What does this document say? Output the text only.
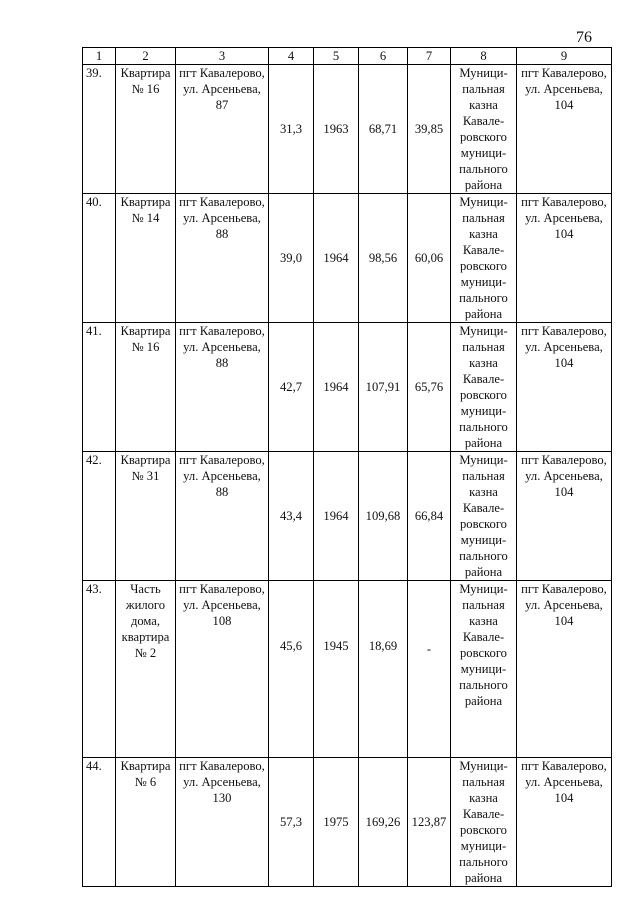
76
1	2	3	4	5	6	7	8	9
39.	Квартира № 16	пгт Кавалерово, ул. Арсеньева, 87	31,3	1963	68,71	39,85	Муници-пальная казна Кавале-ровского муници-пального района	пгт Кавалерово, ул. Арсеньева, 104
40.	Квартира № 14	пгт Кавалерово, ул. Арсеньева, 88	39,0	1964	98,56	60,06	Муници-пальная казна Кавале-ровского муници-пального района	пгт Кавалерово, ул. Арсеньева, 104
41.	Квартира № 16	пгт Кавалерово, ул. Арсеньева, 88	42,7	1964	107,91	65,76	Муници-пальная казна Кавале-ровского муници-пального района	пгт Кавалерово, ул. Арсеньева, 104
42.	Квартира № 31	пгт Кавалерово, ул. Арсеньева, 88	43,4	1964	109,68	66,84	Муници-пальная казна Кавале-ровского муници-пального района	пгт Кавалерово, ул. Арсеньева, 104
43.	Часть жилого дома, квартира № 2	пгт Кавалерово, ул. Арсеньева, 108	45,6	1945	18,69	-	Муници-пальная казна Кавале-ровского муници-пального района	пгт Кавалерово, ул. Арсеньева, 104
44.	Квартира № 6	пгт Кавалерово, ул. Арсеньева, 130	57,3	1975	169,26	123,87	Муници-пальная казна Кавале-ровского муници-пального района	пгт Кавалерово, ул. Арсеньева, 104
